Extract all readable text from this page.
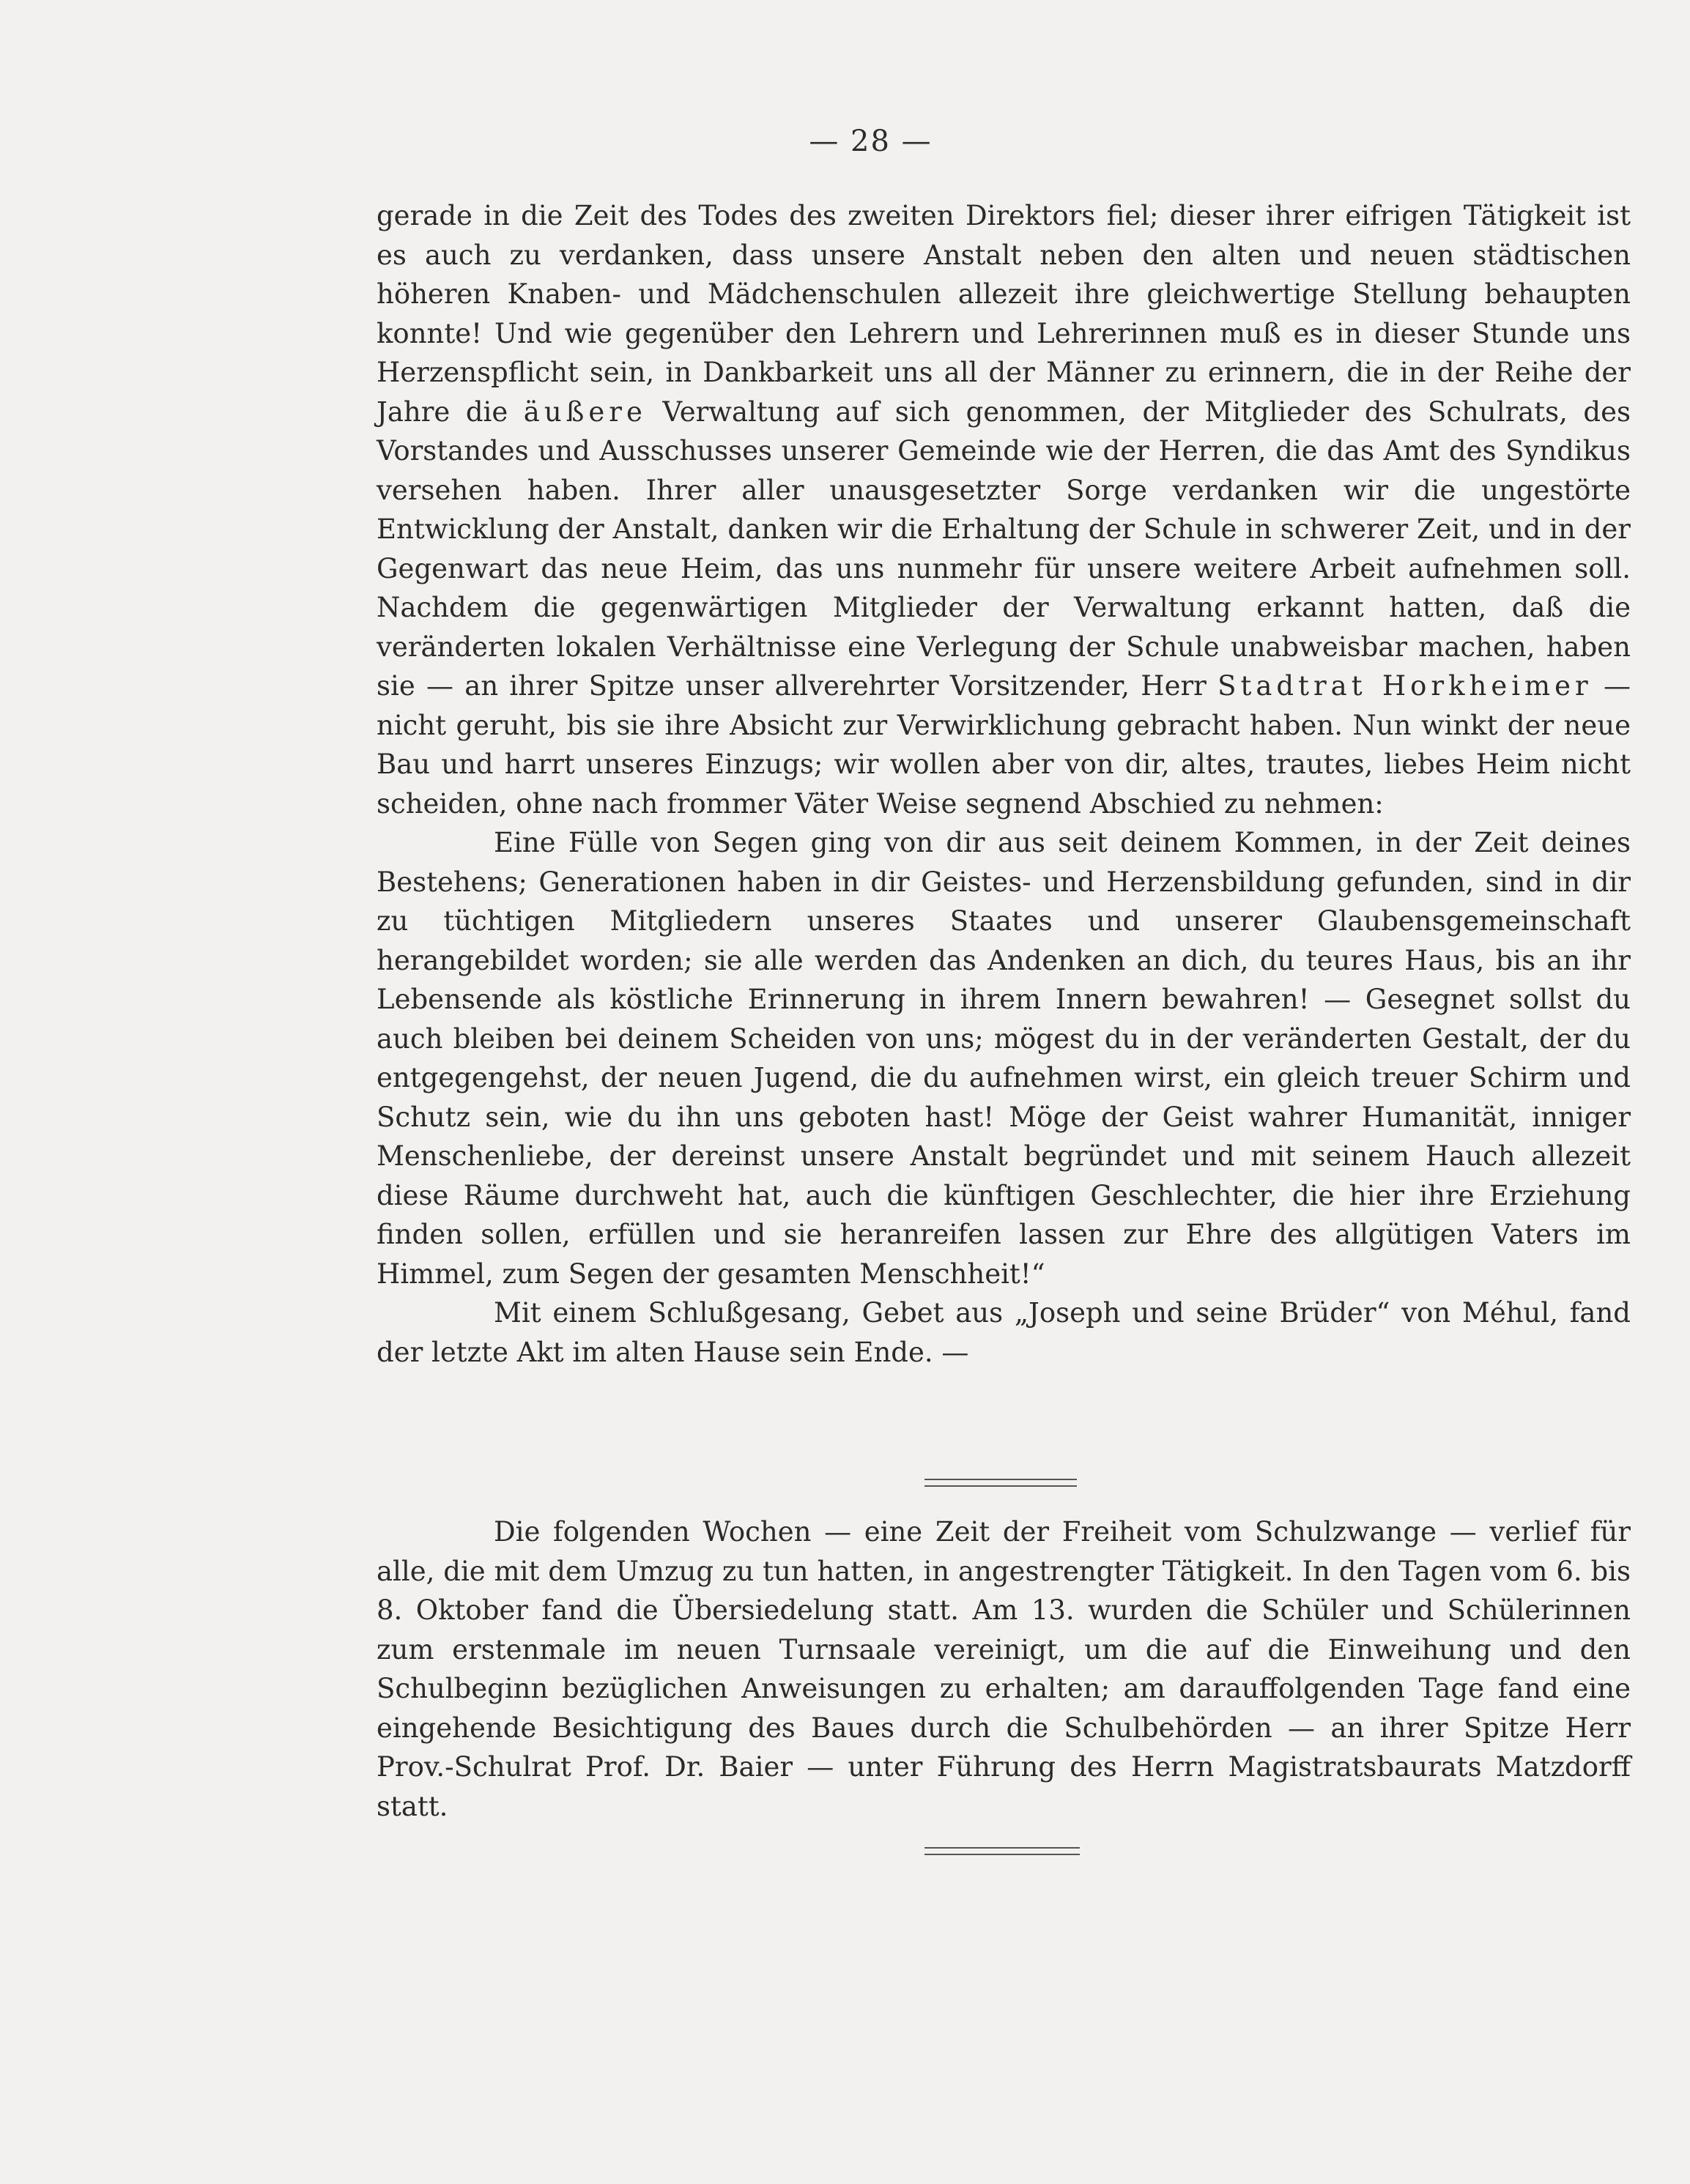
— 28 —

gerade in die Zeit des Todes des zweiten Direktors fiel; dieser ihrer eifrigen Tätigkeit ist es auch zu verdanken, dass unsere Anstalt neben den alten und neuen städtischen höheren Knaben- und Mädchenschulen allezeit ihre gleichwertige Stellung behaupten konnte! Und wie gegenüber den Lehrern und Lehrerinnen muß es in dieser Stunde uns Herzenspflicht sein, in Dankbarkeit uns all der Männer zu erinnern, die in der Reihe der Jahre die äußere Verwaltung auf sich genommen, der Mitglieder des Schulrats, des Vorstandes und Ausschusses unserer Gemeinde wie der Herren, die das Amt des Syndikus versehen haben. Ihrer aller unausgesetzter Sorge verdanken wir die ungestörte Entwicklung der Anstalt, danken wir die Erhaltung der Schule in schwerer Zeit, und in der Gegenwart das neue Heim, das uns nunmehr für unsere weitere Arbeit aufnehmen soll. Nachdem die gegenwärtigen Mitglieder der Verwaltung erkannt hatten, daß die veränderten lokalen Verhältnisse eine Verlegung der Schule unabweisbar machen, haben sie — an ihrer Spitze unser allverehrter Vorsitzender, Herr Stadtrat Horkheimer — nicht geruht, bis sie ihre Absicht zur Verwirklichung gebracht haben. Nun winkt der neue Bau und harrt unseres Einzugs; wir wollen aber von dir, altes, trautes, liebes Heim nicht scheiden, ohne nach frommer Väter Weise segnend Abschied zu nehmen:

Eine Fülle von Segen ging von dir aus seit deinem Kommen, in der Zeit deines Bestehens; Generationen haben in dir Geistes- und Herzensbildung gefunden, sind in dir zu tüchtigen Mitgliedern unseres Staates und unserer Glaubensgemeinschaft herangebildet worden; sie alle werden das Andenken an dich, du teures Haus, bis an ihr Lebensende als köstliche Erinnerung in ihrem Innern bewahren! — Gesegnet sollst du auch bleiben bei deinem Scheiden von uns; mögest du in der veränderten Gestalt, der du entgegengehst, der neuen Jugend, die du aufnehmen wirst, ein gleich treuer Schirm und Schutz sein, wie du ihn uns geboten hast! Möge der Geist wahrer Humanität, inniger Menschenliebe, der dereinst unsere Anstalt begründet und mit seinem Hauch allezeit diese Räume durchweht hat, auch die künftigen Geschlechter, die hier ihre Erziehung finden sollen, erfüllen und sie heranreifen lassen zur Ehre des allgütigen Vaters im Himmel, zum Segen der gesamten Menschheit!“

Mit einem Schlußgesang, Gebet aus „Joseph und seine Brüder“ von Méhul, fand der letzte Akt im alten Hause sein Ende. —

Die folgenden Wochen — eine Zeit der Freiheit vom Schulzwange — verlief für alle, die mit dem Umzug zu tun hatten, in angestrengter Tätigkeit. In den Tagen vom 6. bis 8. Oktober fand die Übersiedelung statt. Am 13. wurden die Schüler und Schülerinnen zum erstenmale im neuen Turnsaale vereinigt, um die auf die Einweihung und den Schulbeginn bezüglichen Anweisungen zu erhalten; am darauffolgenden Tage fand eine eingehende Besichtigung des Baues durch die Schulbehörden — an ihrer Spitze Herr Prov.-Schulrat Prof. Dr. Baier — unter Führung des Herrn Magistratsbaurats Matzdorff statt.
